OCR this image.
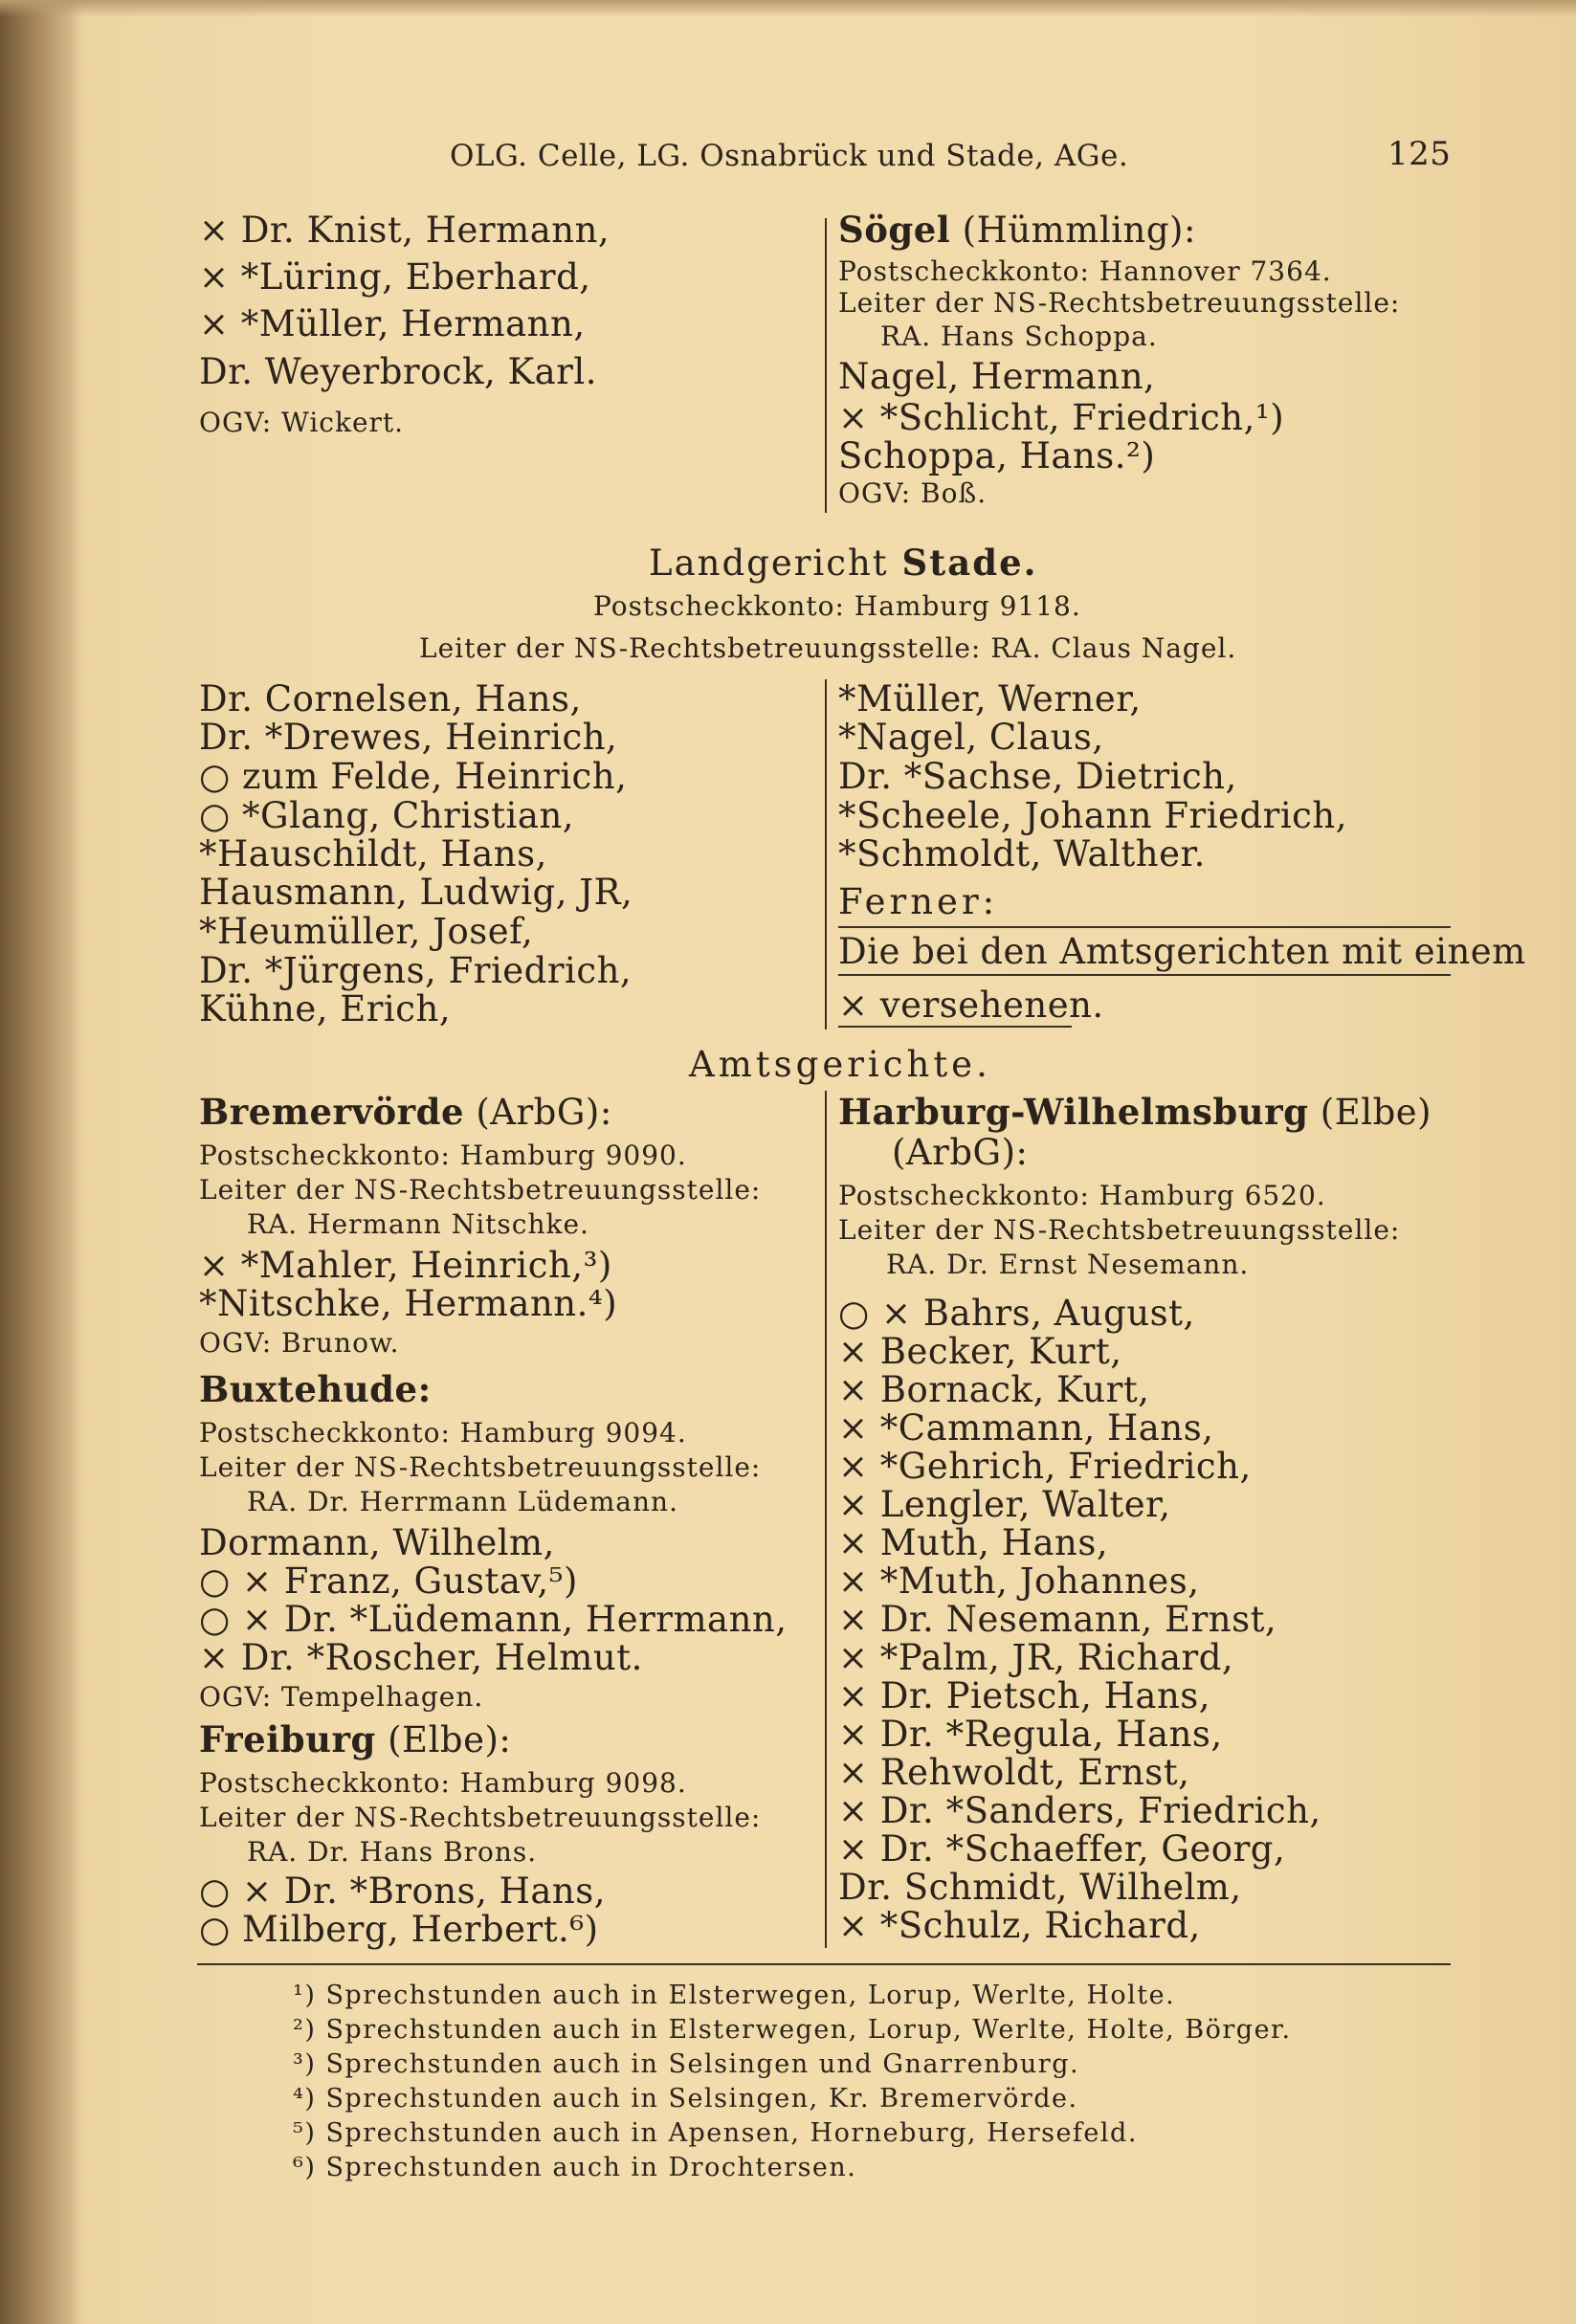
OLG. Celle, LG. Osnabrück und Stade, AGe.	125
× Dr. Knist, Hermann,
× *Lüring, Eberhard,
× *Müller, Hermann,
Dr. Weyerbrock, Karl.
OGV: Wickert.
Sögel (Hümmling):
Postscheckkonto: Hannover 7364.
Leiter der NS-Rechtsbetreuungsstelle:
RA. Hans Schoppa.
Nagel, Hermann,
× *Schlicht, Friedrich,¹)
Schoppa, Hans.²)
OGV: Boß.
Landgericht Stade.
Postscheckkonto: Hamburg 9118.
Leiter der NS-Rechtsbetreuungsstelle: RA. Claus Nagel.
Dr. Cornelsen, Hans,
Dr. *Drewes, Heinrich,
○ zum Felde, Heinrich,
○ *Glang, Christian,
*Hauschildt, Hans,
Hausmann, Ludwig, JR,
*Heumüller, Josef,
Dr. *Jürgens, Friedrich,
Kühne, Erich,
*Müller, Werner,
*Nagel, Claus,
Dr. *Sachse, Dietrich,
*Scheele, Johann Friedrich,
*Schmoldt, Walther.
Ferner:
Die bei den Amtsgerichten mit einem
× versehenen.
Amtsgerichte.
Bremervörde (ArbG):
Postscheckkonto: Hamburg 9090.
Leiter der NS-Rechtsbetreuungsstelle:
RA. Hermann Nitschke.
× *Mahler, Heinrich,³)
*Nitschke, Hermann.⁴)
OGV: Brunow.
Buxtehude:
Postscheckkonto: Hamburg 9094.
Leiter der NS-Rechtsbetreuungsstelle:
RA. Dr. Herrmann Lüdemann.
Dormann, Wilhelm,
○ × Franz, Gustav,⁵)
○ × Dr. *Lüdemann, Herrmann,
× Dr. *Roscher, Helmut.
OGV: Tempelhagen.
Freiburg (Elbe):
Postscheckkonto: Hamburg 9098.
Leiter der NS-Rechtsbetreuungsstelle:
RA. Dr. Hans Brons.
○ × Dr. *Brons, Hans,
○ Milberg, Herbert.⁶)
Harburg-Wilhelmsburg (Elbe)
(ArbG):
Postscheckkonto: Hamburg 6520.
Leiter der NS-Rechtsbetreuungsstelle:
RA. Dr. Ernst Nesemann.
○ × Bahrs, August,
× Becker, Kurt,
× Bornack, Kurt,
× *Cammann, Hans,
× *Gehrich, Friedrich,
× Lengler, Walter,
× Muth, Hans,
× *Muth, Johannes,
× Dr. Nesemann, Ernst,
× *Palm, JR, Richard,
× Dr. Pietsch, Hans,
× Dr. *Regula, Hans,
× Rehwoldt, Ernst,
× Dr. *Sanders, Friedrich,
× Dr. *Schaeffer, Georg,
Dr. Schmidt, Wilhelm,
× *Schulz, Richard,
¹) Sprechstunden auch in Elsterwegen, Lorup, Werlte, Holte.
²) Sprechstunden auch in Elsterwegen, Lorup, Werlte, Holte, Börger.
³) Sprechstunden auch in Selsingen und Gnarrenburg.
⁴) Sprechstunden auch in Selsingen, Kr. Bremervörde.
⁵) Sprechstunden auch in Apensen, Horneburg, Hersefeld.
⁶) Sprechstunden auch in Drochtersen.
